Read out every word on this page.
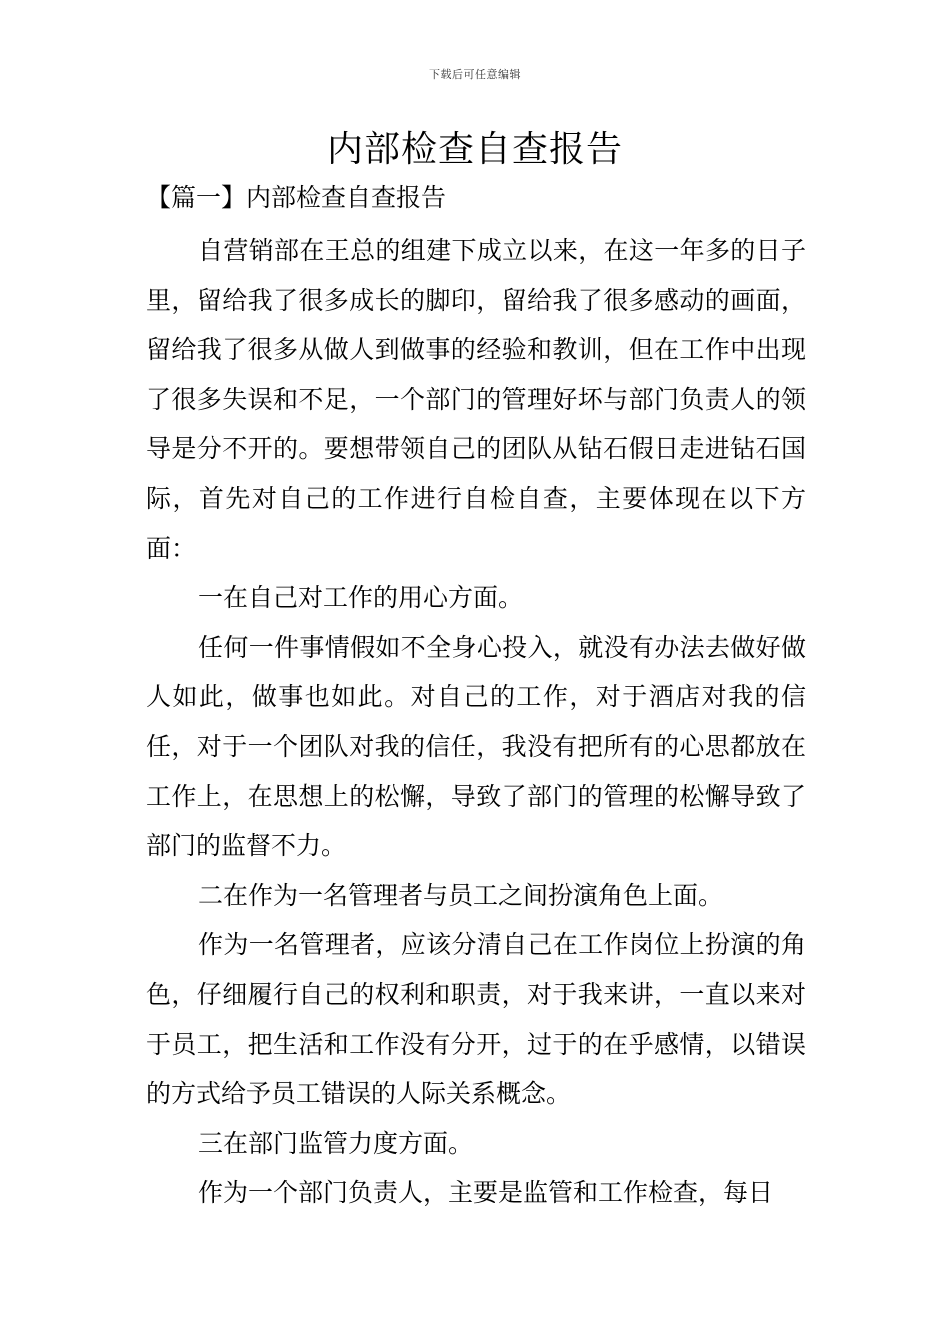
下载后可任意编辑
内部检查自查报告
【篇一】内部检查自查报告

自营销部在王总的组建下成立以来，在这一年多的日子里，留给我了很多成长的脚印，留给我了很多感动的画面，留给我了很多从做人到做事的经验和教训，但在工作中出现了很多失误和不足，一个部门的管理好坏与部门负责人的领导是分不开的。要想带领自己的团队从钻石假日走进钻石国际，首先对自己的工作进行自检自查，主要体现在以下方面：

一在自己对工作的用心方面。

任何一件事情假如不全身心投入，就没有办法去做好做人如此，做事也如此。对自己的工作，对于酒店对我的信任，对于一个团队对我的信任，我没有把所有的心思都放在工作上，在思想上的松懈，导致了部门的管理的松懈导致了部门的监督不力。

二在作为一名管理者与员工之间扮演角色上面。

作为一名管理者，应该分清自己在工作岗位上扮演的角色，仔细履行自己的权利和职责，对于我来讲，一直以来对于员工，把生活和工作没有分开，过于的在乎感情，以错误的方式给予员工错误的人际关系概念。

三在部门监管力度方面。

作为一个部门负责人，主要是监管和工作检查，每日
